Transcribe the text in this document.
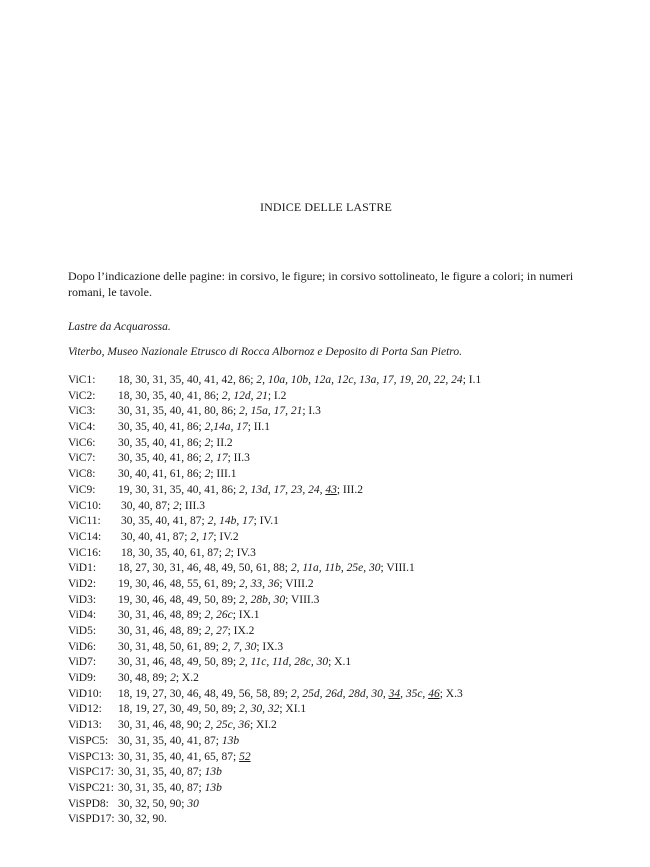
INDICE DELLE LASTRE
Dopo l’indicazione delle pagine: in corsivo, le figure; in corsivo sottolineato, le figure a colori; in numeri romani, le tavole.
Lastre da Acquarossa.
Viterbo, Museo Nazionale Etrusco di Rocca Albornoz e Deposito di Porta San Pietro.
ViC1: 18, 30, 31, 35, 40, 41, 42, 86; 2, 10a, 10b, 12a, 12c, 13a, 17, 19, 20, 22, 24; I.1
ViC2: 18, 30, 35, 40, 41, 86; 2, 12d, 21; I.2
ViC3: 30, 31, 35, 40, 41, 80, 86; 2, 15a, 17, 21; I.3
ViC4: 30, 35, 40, 41, 86; 2,14a, 17; II.1
ViC6: 30, 35, 40, 41, 86; 2; II.2
ViC7: 30, 35, 40, 41, 86; 2, 17; II.3
ViC8: 30, 40, 41, 61, 86; 2; III.1
ViC9: 19, 30, 31, 35, 40, 41, 86; 2, 13d, 17, 23, 24, 43; III.2
ViC10: 30, 40, 87; 2; III.3
ViC11: 30, 35, 40, 41, 87; 2, 14b, 17; IV.1
ViC14: 30, 40, 41, 87; 2, 17; IV.2
ViC16: 18, 30, 35, 40, 61, 87; 2; IV.3
ViD1: 18, 27, 30, 31, 46, 48, 49, 50, 61, 88; 2, 11a, 11b, 25e, 30; VIII.1
ViD2: 19, 30, 46, 48, 55, 61, 89; 2, 33, 36; VIII.2
ViD3: 19, 30, 46, 48, 49, 50, 89; 2, 28b, 30; VIII.3
ViD4: 30, 31, 46, 48, 89; 2, 26c; IX.1
ViD5: 30, 31, 46, 48, 89; 2, 27; IX.2
ViD6: 30, 31, 48, 50, 61, 89; 2, 7, 30; IX.3
ViD7: 30, 31, 46, 48, 49, 50, 89; 2, 11c, 11d, 28c, 30; X.1
ViD9: 30, 48, 89; 2; X.2
ViD10: 18, 19, 27, 30, 46, 48, 49, 56, 58, 89; 2, 25d, 26d, 28d, 30, 34, 35c, 46; X.3
ViD12: 18, 19, 27, 30, 49, 50, 89; 2, 30, 32; XI.1
ViD13: 30, 31, 46, 48, 90; 2, 25c, 36; XI.2
ViSPC5: 30, 31, 35, 40, 41, 87; 13b
ViSPC13: 30, 31, 35, 40, 41, 65, 87; 52
ViSPC17: 30, 31, 35, 40, 87; 13b
ViSPC21: 30, 31, 35, 40, 87; 13b
ViSPD8: 30, 32, 50, 90; 30
ViSPD17: 30, 32, 90.
